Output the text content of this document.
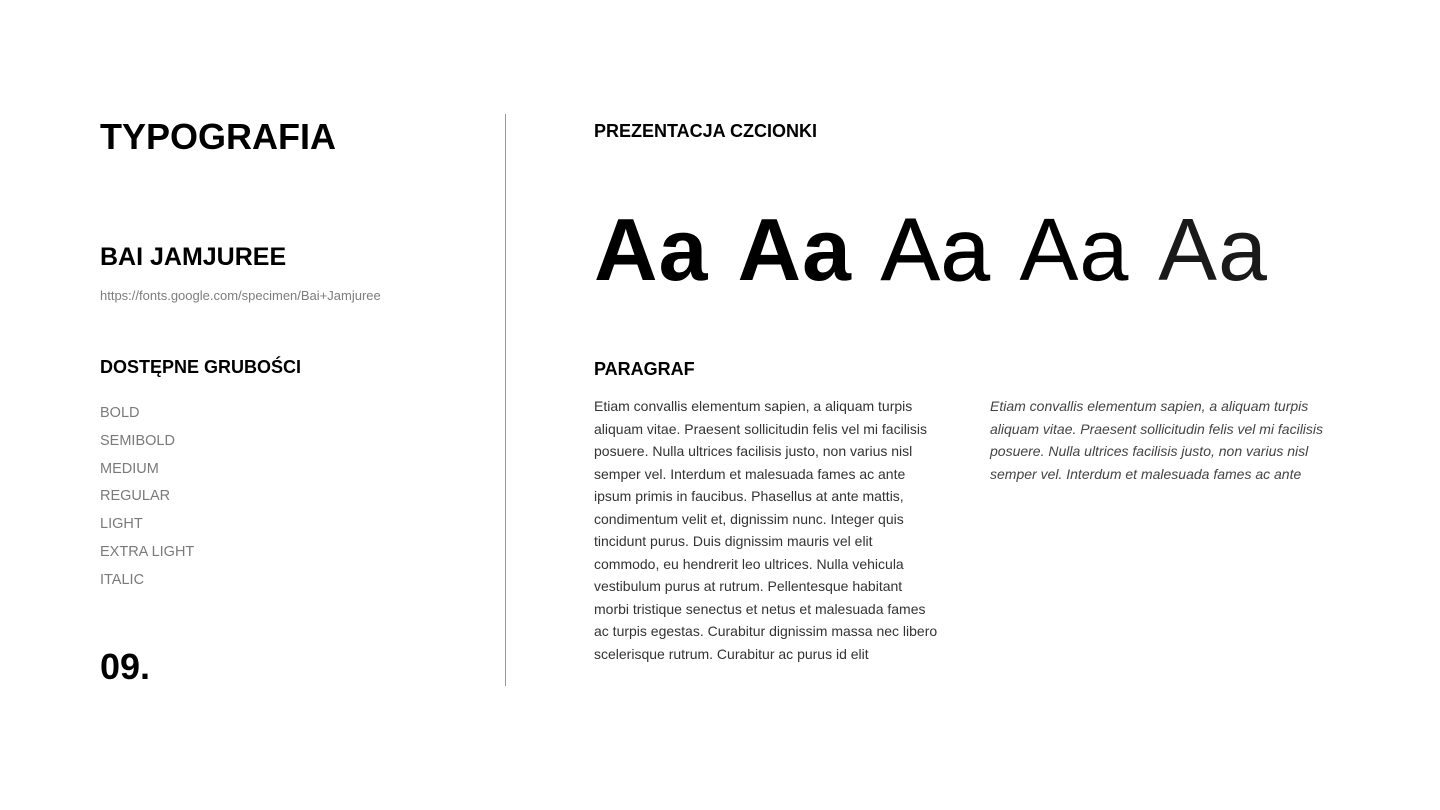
TYPOGRAFIA
BAI JAMJUREE
https://fonts.google.com/specimen/Bai+Jamjuree
DOSTĘPNE GRUBOŚCI
BOLD
SEMIBOLD
MEDIUM
REGULAR
LIGHT
EXTRA LIGHT
ITALIC
09.
PREZENTACJA CZCIONKI
Aa Aa Aa Aa Aa
PARAGRAF

Etiam convallis elementum sapien, a aliquam turpis aliquam vitae. Praesent sollicitudin felis vel mi facilisis posuere. Nulla ultrices facilisis justo, non varius nisl semper vel. Interdum et malesuada fames ac ante ipsum primis in faucibus. Phasellus at ante mattis, condimentum velit et, dignissim nunc. Integer quis tincidunt purus. Duis dignissim mauris vel elit commodo, eu hendrerit leo ultrices. Nulla vehicula vestibulum purus at rutrum. Pellentesque habitant morbi tristique senectus et netus et malesuada fames ac turpis egestas. Curabitur dignissim massa nec libero scelerisque rutrum. Curabitur ac purus id elit

Etiam convallis elementum sapien, a aliquam turpis aliquam vitae. Praesent sollicitudin felis vel mi facilisis posuere. Nulla ultrices facilisis justo, non varius nisl semper vel. Interdum et malesuada fames ac ante
